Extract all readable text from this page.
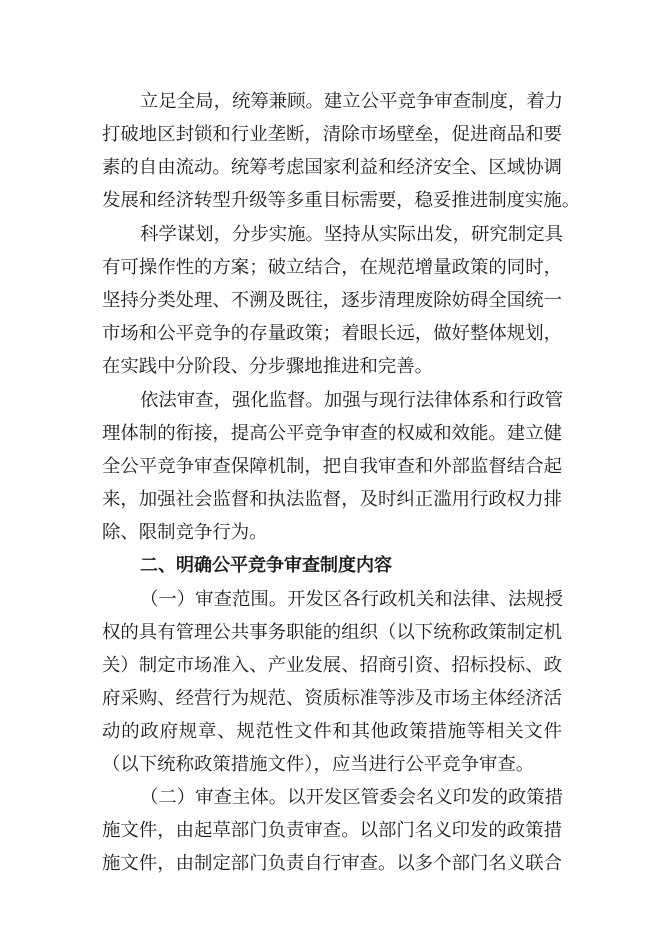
立足全局，统筹兼顾。建立公平竞争审查制度，着力
打破地区封锁和行业垄断，清除市场壁垒，促进商品和要
素的自由流动。统筹考虑国家利益和经济安全、区域协调
发展和经济转型升级等多重目标需要，稳妥推进制度实施。
科学谋划，分步实施。坚持从实际出发，研究制定具
有可操作性的方案；破立结合，在规范增量政策的同时，
坚持分类处理、不溯及既往，逐步清理废除妨碍全国统一
市场和公平竞争的存量政策；着眼长远，做好整体规划，
在实践中分阶段、分步骤地推进和完善。
依法审查，强化监督。加强与现行法律体系和行政管
理体制的衔接，提高公平竞争审查的权威和效能。建立健
全公平竞争审查保障机制，把自我审查和外部监督结合起
来，加强社会监督和执法监督，及时纠正滥用行政权力排
除、限制竞争行为。
二、明确公平竞争审查制度内容
（一）审查范围。开发区各行政机关和法律、法规授
权的具有管理公共事务职能的组织（以下统称政策制定机
关）制定市场准入、产业发展、招商引资、招标投标、政
府采购、经营行为规范、资质标准等涉及市场主体经济活
动的政府规章、规范性文件和其他政策措施等相关文件
（以下统称政策措施文件），应当进行公平竞争审查。
（二）审查主体。以开发区管委会名义印发的政策措
施文件，由起草部门负责审查。以部门名义印发的政策措
施文件，由制定部门负责自行审查。以多个部门名义联合
